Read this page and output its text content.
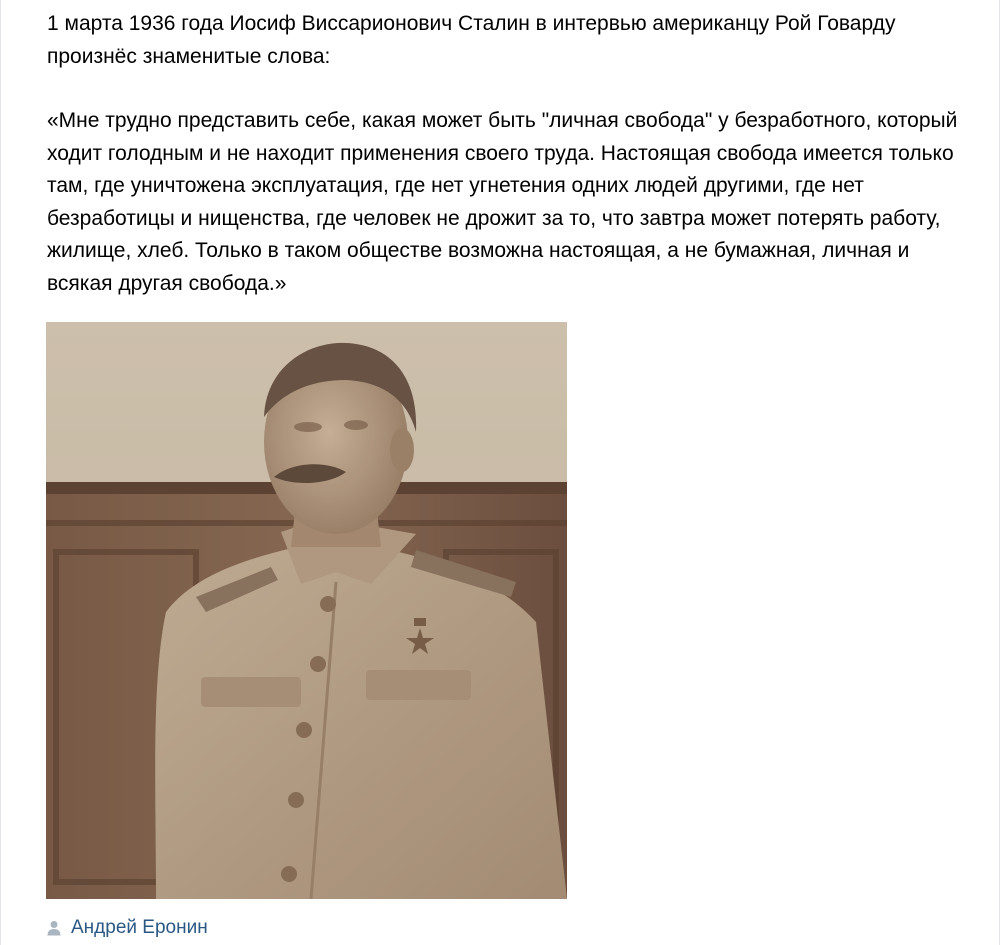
1 марта 1936 года Иосиф Виссарионович Сталин в интервью американцу Рой Говарду произнёс знаменитые слова:

«Мне трудно представить себе, какая может быть "личная свобода" у безработного, который ходит голодным и не находит применения своего труда. Настоящая свобода имеется только там, где уничтожена эксплуатация, где нет угнетения одних людей другими, где нет безработицы и нищенства, где человек не дрожит за то, что завтра может потерять работу, жилище, хлеб. Только в таком обществе возможна настоящая, а не бумажная, личная и всякая другая свобода.»

Андрей Еронин
